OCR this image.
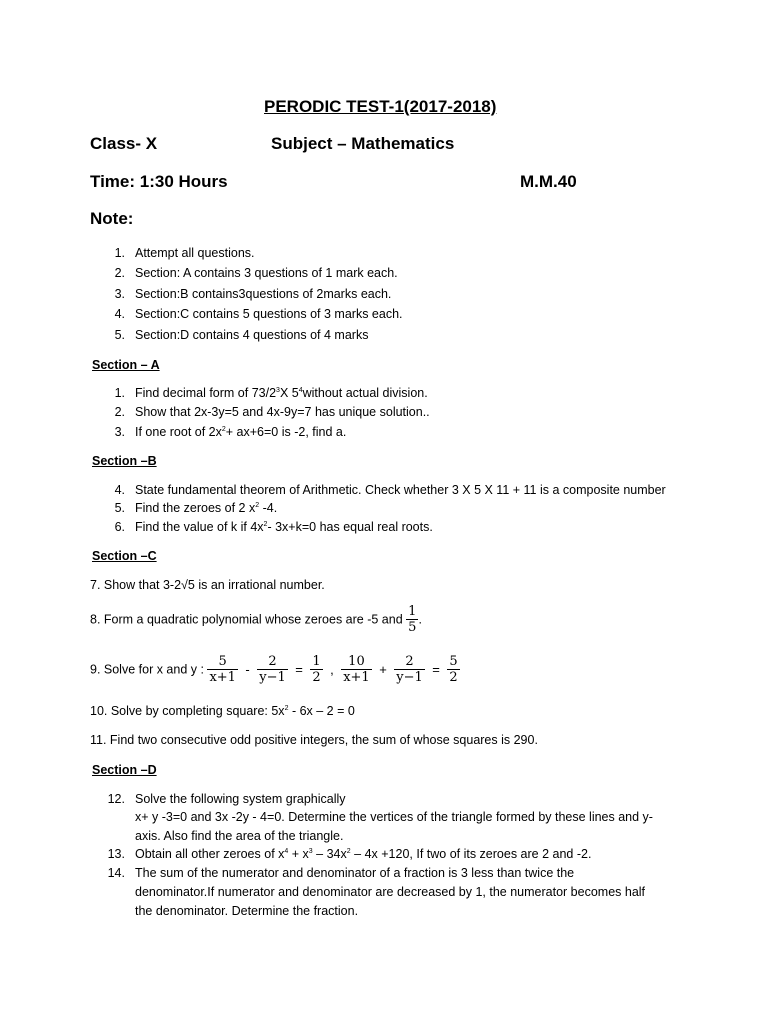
PERODIC TEST-1(2017-2018)
Class- X	Subject – Mathematics
Time: 1:30 Hours	M.M.40
Note:
1. Attempt all questions.
2. Section: A contains 3 questions of 1 mark each.
3. Section:B contains3questions of 2marks each.
4. Section:C contains 5 questions of 3 marks each.
5. Section:D contains 4 questions of 4 marks
Section – A
1. Find decimal form of $73/2^3X$ $5^4without$ actual division.
2. Show that 2x-3y=5 and 4x-9y=7 has unique solution..
3. If one root of $2x^2+ ax+6=0$ is -2, find a.
Section –B
4. State fundamental theorem of Arithmetic. Check whether 3 X 5 X 11 + 11 is a composite number
5. Find the zeroes of 2 $x^2$ -4.
6. Find the value of k if $4x^2-$ 3x+k=0 has equal real roots.
Section –C
7. Show that 3-2√5 is an irrational number.
8. Form a quadratic polynomial whose zeroes are -5 and $\frac{1}{5}$ .
9. Solve for x and y : $\frac{5}{x+1} - \frac{2}{y-1} = \frac{1}{2}$ , $\frac{10}{x+1} + \frac{2}{y-1} = \frac{5}{2}$
10. Solve by completing square: $5x^2 - 6x - 2 = 0$
11. Find two consecutive odd positive integers, the sum of whose squares is 290.
Section –D
12. Solve the following system graphically
x+ y -3=0 and 3x -2y - 4=0. Determine the vertices of the triangle formed by these lines and y-
axis. Also find the area of the triangle.
13. Obtain all other zeroes of $x^4 + x^3 - 34x^2 - 4x +120$, If two of its zeroes are 2 and -2.
14. The sum of the numerator and denominator of a fraction is 3 less than twice the
denominator.If numerator and denominator are decreased by 1, the numerator becomes half
the denominator. Determine the fraction.
